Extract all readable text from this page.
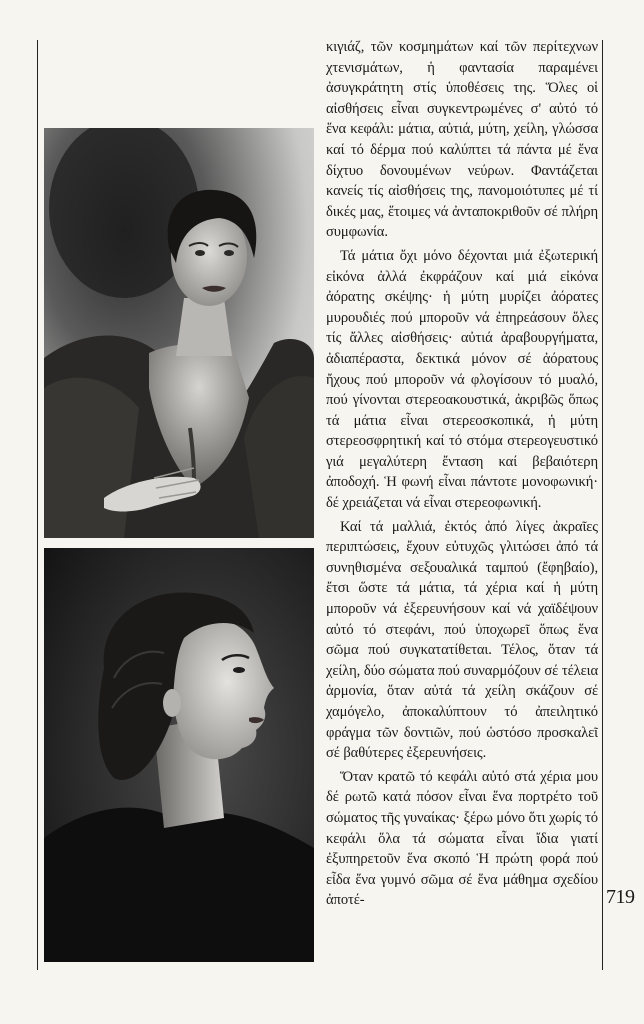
κιγιάζ, τῶν κοσμημάτων καί τῶν περίτεχνων χτενισμάτων, ἡ φαντασία παραμένει ἀσυγκράτητη στίς ὑποθέσεις της. Ὅλες οἱ αἰσθήσεις εἶναι συγκεντρωμένες σ' αὐτό τό ἕνα κεφάλι: μάτια, αὐτιά, μύτη, χείλη, γλώσσα καί τό δέρμα πού καλύπτει τά πάντα μέ ἕνα δίχτυο δονουμένων νεύρων. Φαντάζεται κανείς τίς αἰσθήσεις της, πανομοιότυπες μέ τί δικές μας, ἕτοιμες νά ἀνταποκριθοῦν σέ πλήρη συμφωνία.

Τά μάτια ὄχι μόνο δέχονται μιά ἐξωτερική εἰκόνα ἀλλά ἐκφράζουν καί μιά εἰκόνα ἀόρατης σκέψης· ἡ μύτη μυρίζει ἀόρατες μυρουδιές πού μποροῦν νά ἐπηρεάσουν ὅλες τίς ἄλλες αἰσθήσεις· αὐτιά ἀραβουργήματα, ἀδιαπέραστα, δεκτικά μόνον σέ ἀόρατους ἤχους πού μποροῦν νά φλογίσουν τό μυαλό, πού γίνονται στερεοακουστικά, ἀκριβῶς ὅπως τά μάτια εἶναι στερεοσκοπικά, ἡ μύτη στερεοσφρητική καί τό στόμα στερεογευστικό γιά μεγαλύτερη ἔνταση καί βεβαιότερη ἀποδοχή. Ἡ φωνή εἶναι πάντοτε μονοφωνική· δέ χρειάζεται νά εἶναι στερεοφωνική.

Καί τά μαλλιά, ἐκτός ἀπό λίγες ἀκραῖες περιπτώσεις, ἔχουν εὐτυχῶς γλιτώσει ἀπό τά συνηθισμένα σεξουαλικά ταμπού (ἔφηβαίο), ἔτσι ὥστε τά μάτια, τά χέρια καί ἡ μύτη μποροῦν νά ἐξερευνήσουν καί νά χαϊδέψουν αὐτό τό στεφάνι, πού ὑποχωρεῖ ὅπως ἕνα σῶμα πού συγκατατίθεται. Τέλος, ὅταν τά χείλη, δύο σώματα πού συναρμόζουν σέ τέλεια ἁρμονία, ὅταν αὐτά τά χείλη σκάζουν σέ χαμόγελο, ἀποκαλύπτουν τό ἀπειλητικό φράγμα τῶν δοντιῶν, πού ὡστόσο προσκαλεῖ σέ βαθύτερες ἐξερευνήσεις.

Ὅταν κρατῶ τό κεφάλι αὐτό στά χέρια μου δέ ρωτῶ κατά πόσον εἶναι ἕνα πορτρέτο τοῦ σώματος τῆς γυναίκας· ξέρω μόνο ὅτι χωρίς τό κεφάλι ὅλα τά σώματα εἶναι ἴδια γιατί ἐξυπηρετοῦν ἕνα σκοπό Ἡ πρώτη φορά πού εἶδα ἕνα γυμνό σῶμα σέ ἕνα μάθημα σχεδίου ἀποτέ-	719
